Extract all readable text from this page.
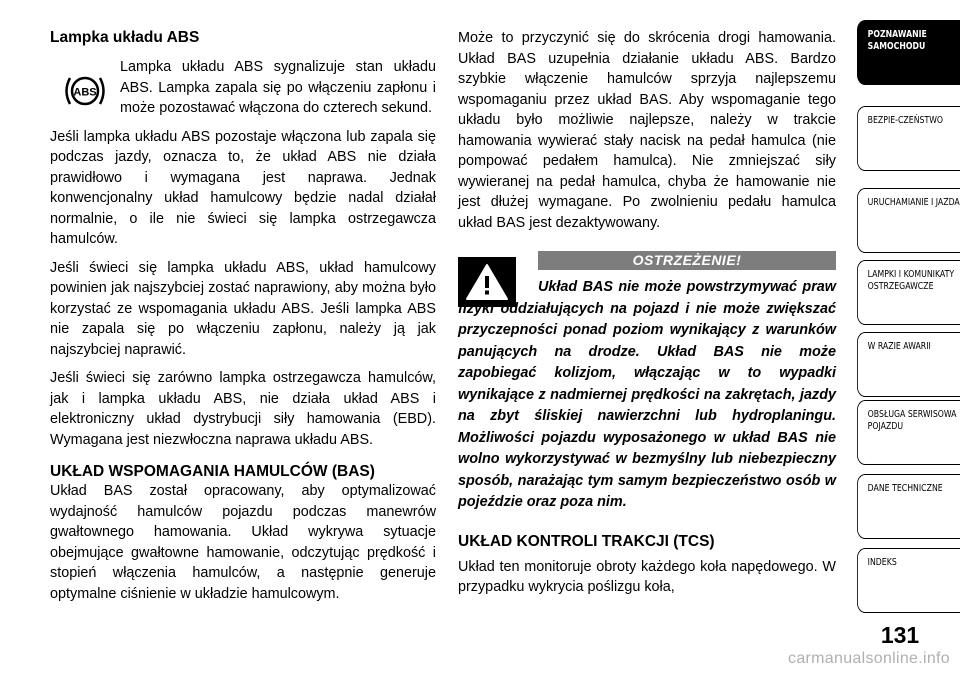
Lampka układu ABS
ABS

Lampka układu ABS sygnalizuje stan układu ABS. Lampka zapala się po włączeniu zapłonu i może pozostawać włączona do czterech sekund.

Jeśli lampka układu ABS pozostaje włączona lub zapala się podczas jazdy, oznacza to, że układ ABS nie działa prawidłowo i wymagana jest naprawa. Jednak konwencjonalny układ hamulcowy będzie nadal działał normalnie, o ile nie świeci się lampka ostrzegawcza hamulców.

Jeśli świeci się lampka układu ABS, układ hamulcowy powinien jak najszybciej zostać naprawiony, aby można było korzystać ze wspomagania układu ABS. Jeśli lampka ABS nie zapala się po włączeniu zapłonu, należy ją jak najszybciej naprawić.

Jeśli świeci się zarówno lampka ostrzegawcza hamulców, jak i lampka układu ABS, nie działa układ ABS i elektroniczny układ dystrybucji siły hamowania (EBD). Wymagana jest niezwłoczna naprawa układu ABS.

UKŁAD WSPOMAGANIA HAMULCÓW (BAS)

Układ BAS został opracowany, aby optymalizować wydajność hamulców pojazdu podczas manewrów gwałtownego hamowania. Układ wykrywa sytuacje obejmujące gwałtowne hamowanie, odczytując prędkość i stopień włączenia hamulców, a następnie generuje optymalne ciśnienie w układzie hamulcowym.

Może to przyczynić się do skrócenia drogi hamowania. Układ BAS uzupełnia działanie układu ABS. Bardzo szybkie włączenie hamulców sprzyja najlepszemu wspomaganiu przez układ BAS. Aby wspomaganie tego układu było możliwie najlepsze, należy w trakcie hamowania wywierać stały nacisk na pedał hamulca (nie pompować pedałem hamulca). Nie zmniejszać siły wywieranej na pedał hamulca, chyba że hamowanie nie jest dłużej wymagane. Po zwolnieniu pedału hamulca układ BAS jest dezaktywowany.

OSTRZEŻENIE!

Układ BAS nie może powstrzymywać praw fizyki oddziałujących na pojazd i nie może zwiększać przyczepności ponad poziom wynikający z warunków panujących na drodze. Układ BAS nie może zapobiegać kolizjom, włączając w to wypadki wynikające z nadmiernej prędkości na zakrętach, jazdy na zbyt śliskiej nawierzchni lub hydroplaningu. Możliwości pojazdu wyposażonego w układ BAS nie wolno wykorzystywać w bezmyślny lub niebezpieczny sposób, narażając tym samym bezpieczeństwo osób w pojeździe oraz poza nim.

UKŁAD KONTROLI TRAKCJI (TCS)

Układ ten monitoruje obroty każdego koła napędowego. W przypadku wykrycia poślizgu koła,

POZNAWANIE SAMOCHODU
BEZPIE-CZEŃSTWO
URUCHAMIANIE I JAZDA
LAMPKI I KOMUNIKATY OSTRZEGAWCZE
W RAZIE AWARII
OBSŁUGA SERWISOWA POJAZDU
DANE TECHNICZNE
INDEKS
131
carmanualsonline.info
